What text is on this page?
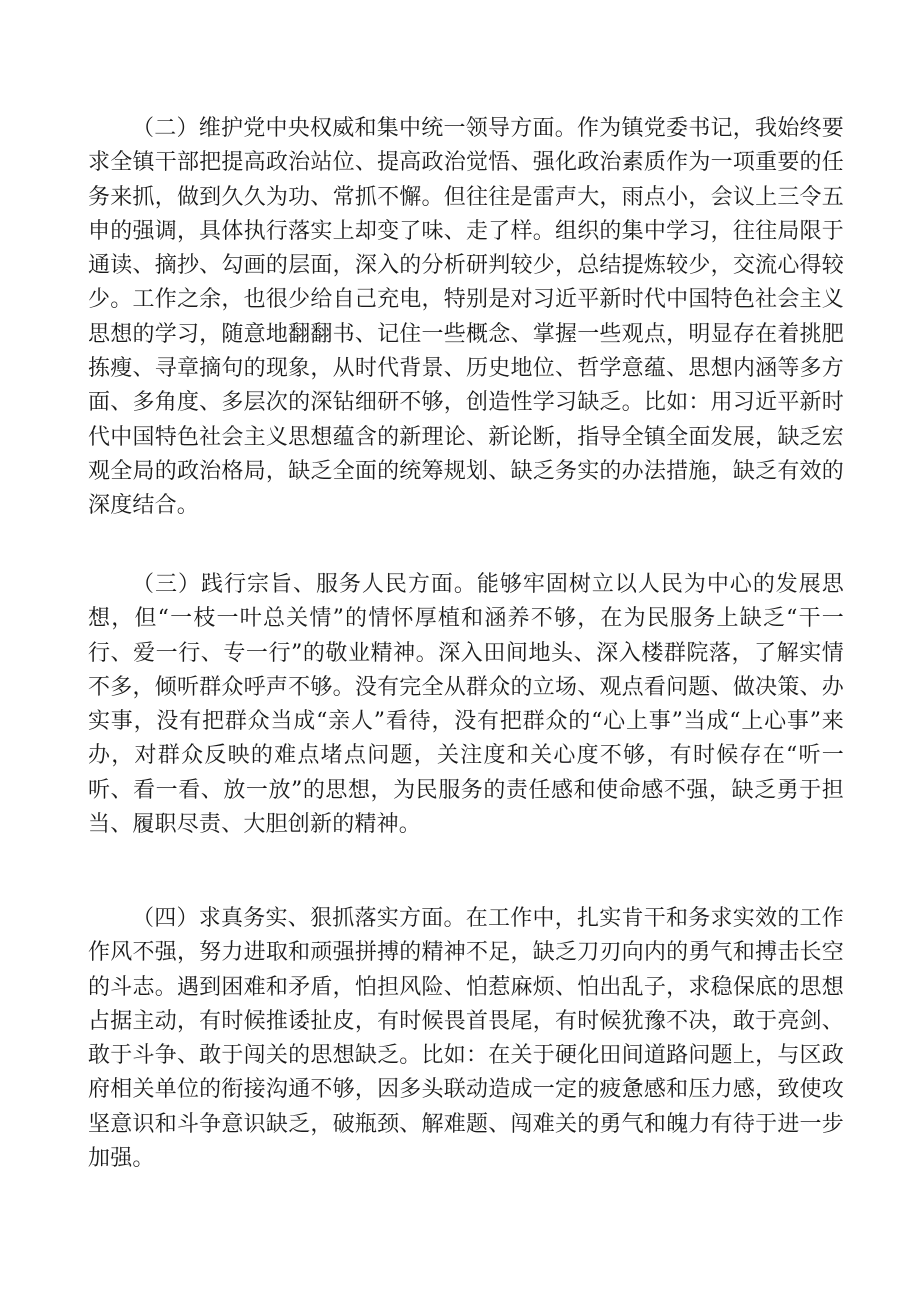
（二）维护党中央权威和集中统一领导方面。作为镇党委书记，我始终要求全镇干部把提高政治站位、提高政治觉悟、强化政治素质作为一项重要的任务来抓，做到久久为功、常抓不懈。但往往是雷声大，雨点小，会议上三令五申的强调，具体执行落实上却变了味、走了样。组织的集中学习，往往局限于通读、摘抄、勾画的层面，深入的分析研判较少，总结提炼较少，交流心得较少。工作之余，也很少给自己充电，特别是对习近平新时代中国特色社会主义思想的学习，随意地翻翻书、记住一些概念、掌握一些观点，明显存在着挑肥拣瘦、寻章摘句的现象，从时代背景、历史地位、哲学意蕴、思想内涵等多方面、多角度、多层次的深钻细研不够，创造性学习缺乏。比如：用习近平新时代中国特色社会主义思想蕴含的新理论、新论断，指导全镇全面发展，缺乏宏观全局的政治格局，缺乏全面的统筹规划、缺乏务实的办法措施，缺乏有效的深度结合。

（三）践行宗旨、服务人民方面。能够牢固树立以人民为中心的发展思想，但“一枝一叶总关情”的情怀厚植和涵养不够，在为民服务上缺乏“干一行、爱一行、专一行”的敬业精神。深入田间地头、深入楼群院落，了解实情不多，倾听群众呼声不够。没有完全从群众的立场、观点看问题、做决策、办实事，没有把群众当成“亲人”看待，没有把群众的“心上事”当成“上心事”来办，对群众反映的难点堵点问题，关注度和关心度不够，有时候存在“听一听、看一看、放一放”的思想，为民服务的责任感和使命感不强，缺乏勇于担当、履职尽责、大胆创新的精神。

（四）求真务实、狠抓落实方面。在工作中，扎实肯干和务求实效的工作作风不强，努力进取和顽强拼搏的精神不足，缺乏刀刃向内的勇气和搏击长空的斗志。遇到困难和矛盾，怕担风险、怕惹麻烦、怕出乱子，求稳保底的思想占据主动，有时候推诿扯皮，有时候畏首畏尾，有时候犹豫不决，敢于亮剑、敢于斗争、敢于闯关的思想缺乏。比如：在关于硬化田间道路问题上，与区政府相关单位的衔接沟通不够，因多头联动造成一定的疲惫感和压力感，致使攻坚意识和斗争意识缺乏，破瓶颈、解难题、闯难关的勇气和魄力有待于进一步加强。
